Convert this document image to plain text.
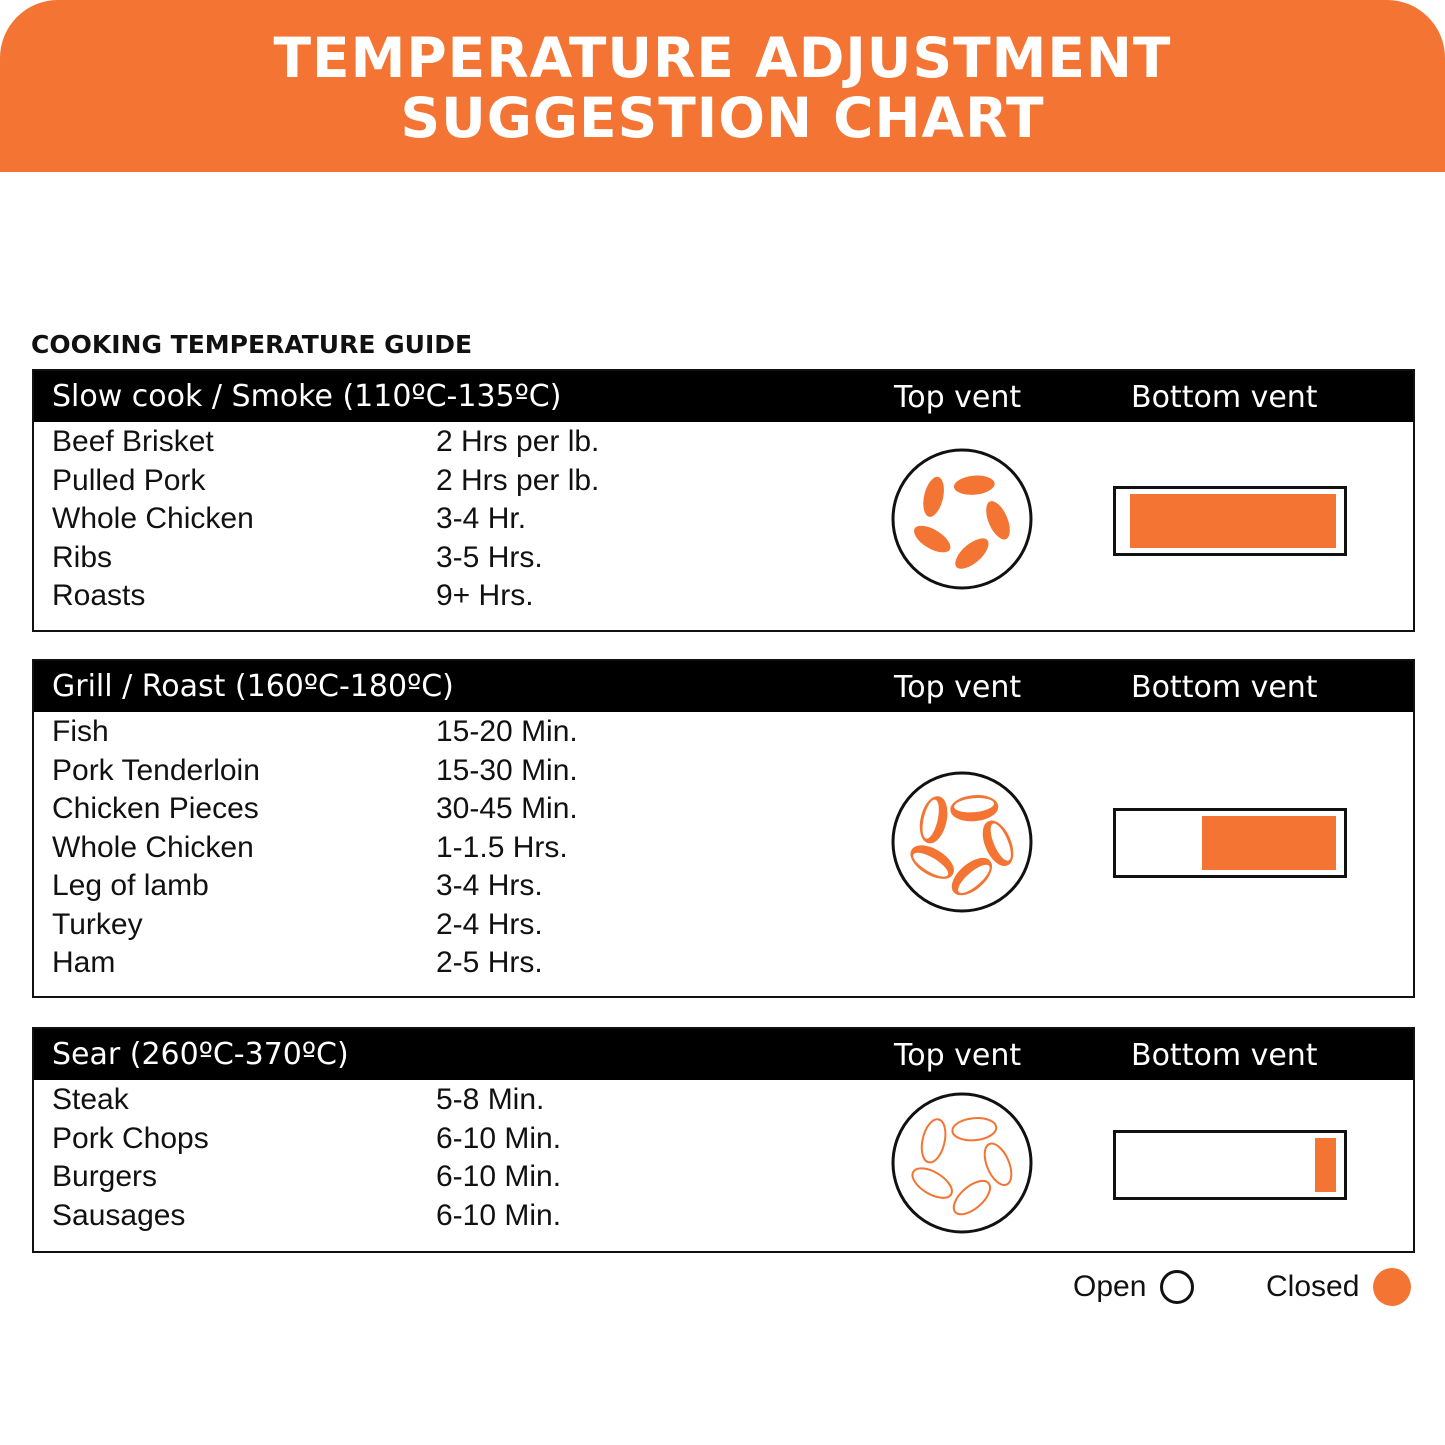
TEMPERATURE ADJUSTMENT
SUGGESTION CHART
COOKING TEMPERATURE GUIDE
Slow cook / Smoke (110ºC-135ºC)	Top vent	Bottom vent
Beef Brisket	2 Hrs per lb.
Pulled Pork	2 Hrs per lb.
Whole Chicken	3-4 Hr.
Ribs	3-5 Hrs.
Roasts	9+ Hrs.
Grill / Roast (160ºC-180ºC)	Top vent	Bottom vent
Fish	15-20 Min.
Pork Tenderloin	15-30 Min.
Chicken Pieces	30-45 Min.
Whole Chicken	1-1.5 Hrs.
Leg of lamb	3-4 Hrs.
Turkey	2-4 Hrs.
Ham	2-5 Hrs.
Sear (260ºC-370ºC)	Top vent	Bottom vent
Steak	5-8 Min.
Pork Chops	6-10 Min.
Burgers	6-10 Min.
Sausages	6-10 Min.
Open	Closed
